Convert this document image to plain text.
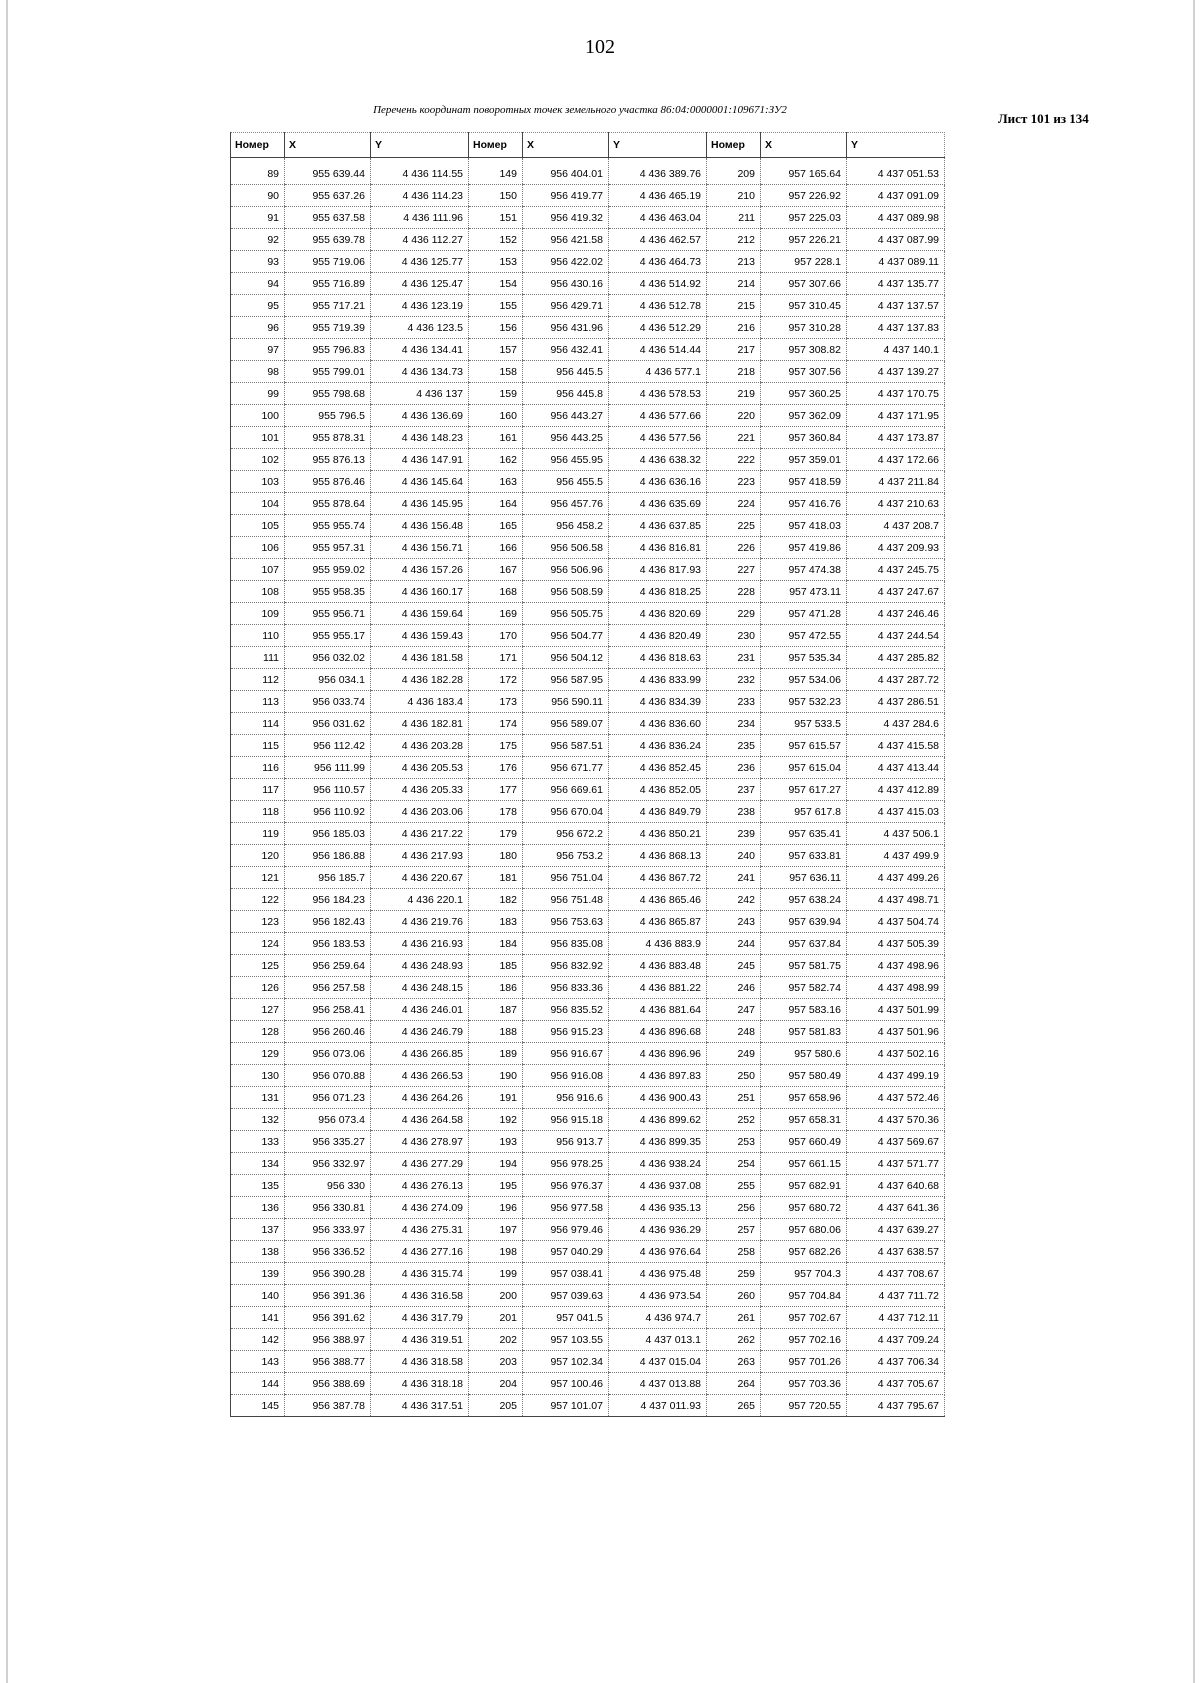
102
Перечень координат поворотных точек земельного участка 86:04:0000001:109671:ЗУ2
Лист 101 из 134
Номер	X	Y	Номер	X	Y	Номер	X	Y
89	955 639.44	4 436 114.55	149	956 404.01	4 436 389.76	209	957 165.64	4 437 051.53
90	955 637.26	4 436 114.23	150	956 419.77	4 436 465.19	210	957 226.92	4 437 091.09
91	955 637.58	4 436 111.96	151	956 419.32	4 436 463.04	211	957 225.03	4 437 089.98
92	955 639.78	4 436 112.27	152	956 421.58	4 436 462.57	212	957 226.21	4 437 087.99
93	955 719.06	4 436 125.77	153	956 422.02	4 436 464.73	213	957 228.1	4 437 089.11
94	955 716.89	4 436 125.47	154	956 430.16	4 436 514.92	214	957 307.66	4 437 135.77
95	955 717.21	4 436 123.19	155	956 429.71	4 436 512.78	215	957 310.45	4 437 137.57
96	955 719.39	4 436 123.5	156	956 431.96	4 436 512.29	216	957 310.28	4 437 137.83
97	955 796.83	4 436 134.41	157	956 432.41	4 436 514.44	217	957 308.82	4 437 140.1
98	955 799.01	4 436 134.73	158	956 445.5	4 436 577.1	218	957 307.56	4 437 139.27
99	955 798.68	4 436 137	159	956 445.8	4 436 578.53	219	957 360.25	4 437 170.75
100	955 796.5	4 436 136.69	160	956 443.27	4 436 577.66	220	957 362.09	4 437 171.95
101	955 878.31	4 436 148.23	161	956 443.25	4 436 577.56	221	957 360.84	4 437 173.87
102	955 876.13	4 436 147.91	162	956 455.95	4 436 638.32	222	957 359.01	4 437 172.66
103	955 876.46	4 436 145.64	163	956 455.5	4 436 636.16	223	957 418.59	4 437 211.84
104	955 878.64	4 436 145.95	164	956 457.76	4 436 635.69	224	957 416.76	4 437 210.63
105	955 955.74	4 436 156.48	165	956 458.2	4 436 637.85	225	957 418.03	4 437 208.7
106	955 957.31	4 436 156.71	166	956 506.58	4 436 816.81	226	957 419.86	4 437 209.93
107	955 959.02	4 436 157.26	167	956 506.96	4 436 817.93	227	957 474.38	4 437 245.75
108	955 958.35	4 436 160.17	168	956 508.59	4 436 818.25	228	957 473.11	4 437 247.67
109	955 956.71	4 436 159.64	169	956 505.75	4 436 820.69	229	957 471.28	4 437 246.46
110	955 955.17	4 436 159.43	170	956 504.77	4 436 820.49	230	957 472.55	4 437 244.54
111	956 032.02	4 436 181.58	171	956 504.12	4 436 818.63	231	957 535.34	4 437 285.82
112	956 034.1	4 436 182.28	172	956 587.95	4 436 833.99	232	957 534.06	4 437 287.72
113	956 033.74	4 436 183.4	173	956 590.11	4 436 834.39	233	957 532.23	4 437 286.51
114	956 031.62	4 436 182.81	174	956 589.07	4 436 836.60	234	957 533.5	4 437 284.6
115	956 112.42	4 436 203.28	175	956 587.51	4 436 836.24	235	957 615.57	4 437 415.58
116	956 111.99	4 436 205.53	176	956 671.77	4 436 852.45	236	957 615.04	4 437 413.44
117	956 110.57	4 436 205.33	177	956 669.61	4 436 852.05	237	957 617.27	4 437 412.89
118	956 110.92	4 436 203.06	178	956 670.04	4 436 849.79	238	957 617.8	4 437 415.03
119	956 185.03	4 436 217.22	179	956 672.2	4 436 850.21	239	957 635.41	4 437 506.1
120	956 186.88	4 436 217.93	180	956 753.2	4 436 868.13	240	957 633.81	4 437 499.9
121	956 185.7	4 436 220.67	181	956 751.04	4 436 867.72	241	957 636.11	4 437 499.26
122	956 184.23	4 436 220.1	182	956 751.48	4 436 865.46	242	957 638.24	4 437 498.71
123	956 182.43	4 436 219.76	183	956 753.63	4 436 865.87	243	957 639.94	4 437 504.74
124	956 183.53	4 436 216.93	184	956 835.08	4 436 883.9	244	957 637.84	4 437 505.39
125	956 259.64	4 436 248.93	185	956 832.92	4 436 883.48	245	957 581.75	4 437 498.96
126	956 257.58	4 436 248.15	186	956 833.36	4 436 881.22	246	957 582.74	4 437 498.99
127	956 258.41	4 436 246.01	187	956 835.52	4 436 881.64	247	957 583.16	4 437 501.99
128	956 260.46	4 436 246.79	188	956 915.23	4 436 896.68	248	957 581.83	4 437 501.96
129	956 073.06	4 436 266.85	189	956 916.67	4 436 896.96	249	957 580.6	4 437 502.16
130	956 070.88	4 436 266.53	190	956 916.08	4 436 897.83	250	957 580.49	4 437 499.19
131	956 071.23	4 436 264.26	191	956 916.6	4 436 900.43	251	957 658.96	4 437 572.46
132	956 073.4	4 436 264.58	192	956 915.18	4 436 899.62	252	957 658.31	4 437 570.36
133	956 335.27	4 436 278.97	193	956 913.7	4 436 899.35	253	957 660.49	4 437 569.67
134	956 332.97	4 436 277.29	194	956 978.25	4 436 938.24	254	957 661.15	4 437 571.77
135	956 330	4 436 276.13	195	956 976.37	4 436 937.08	255	957 682.91	4 437 640.68
136	956 330.81	4 436 274.09	196	956 977.58	4 436 935.13	256	957 680.72	4 437 641.36
137	956 333.97	4 436 275.31	197	956 979.46	4 436 936.29	257	957 680.06	4 437 639.27
138	956 336.52	4 436 277.16	198	957 040.29	4 436 976.64	258	957 682.26	4 437 638.57
139	956 390.28	4 436 315.74	199	957 038.41	4 436 975.48	259	957 704.3	4 437 708.67
140	956 391.36	4 436 316.58	200	957 039.63	4 436 973.54	260	957 704.84	4 437 711.72
141	956 391.62	4 436 317.79	201	957 041.5	4 436 974.7	261	957 702.67	4 437 712.11
142	956 388.97	4 436 319.51	202	957 103.55	4 437 013.1	262	957 702.16	4 437 709.24
143	956 388.77	4 436 318.58	203	957 102.34	4 437 015.04	263	957 701.26	4 437 706.34
144	956 388.69	4 436 318.18	204	957 100.46	4 437 013.88	264	957 703.36	4 437 705.67
145	956 387.78	4 436 317.51	205	957 101.07	4 437 011.93	265	957 720.55	4 437 795.67
